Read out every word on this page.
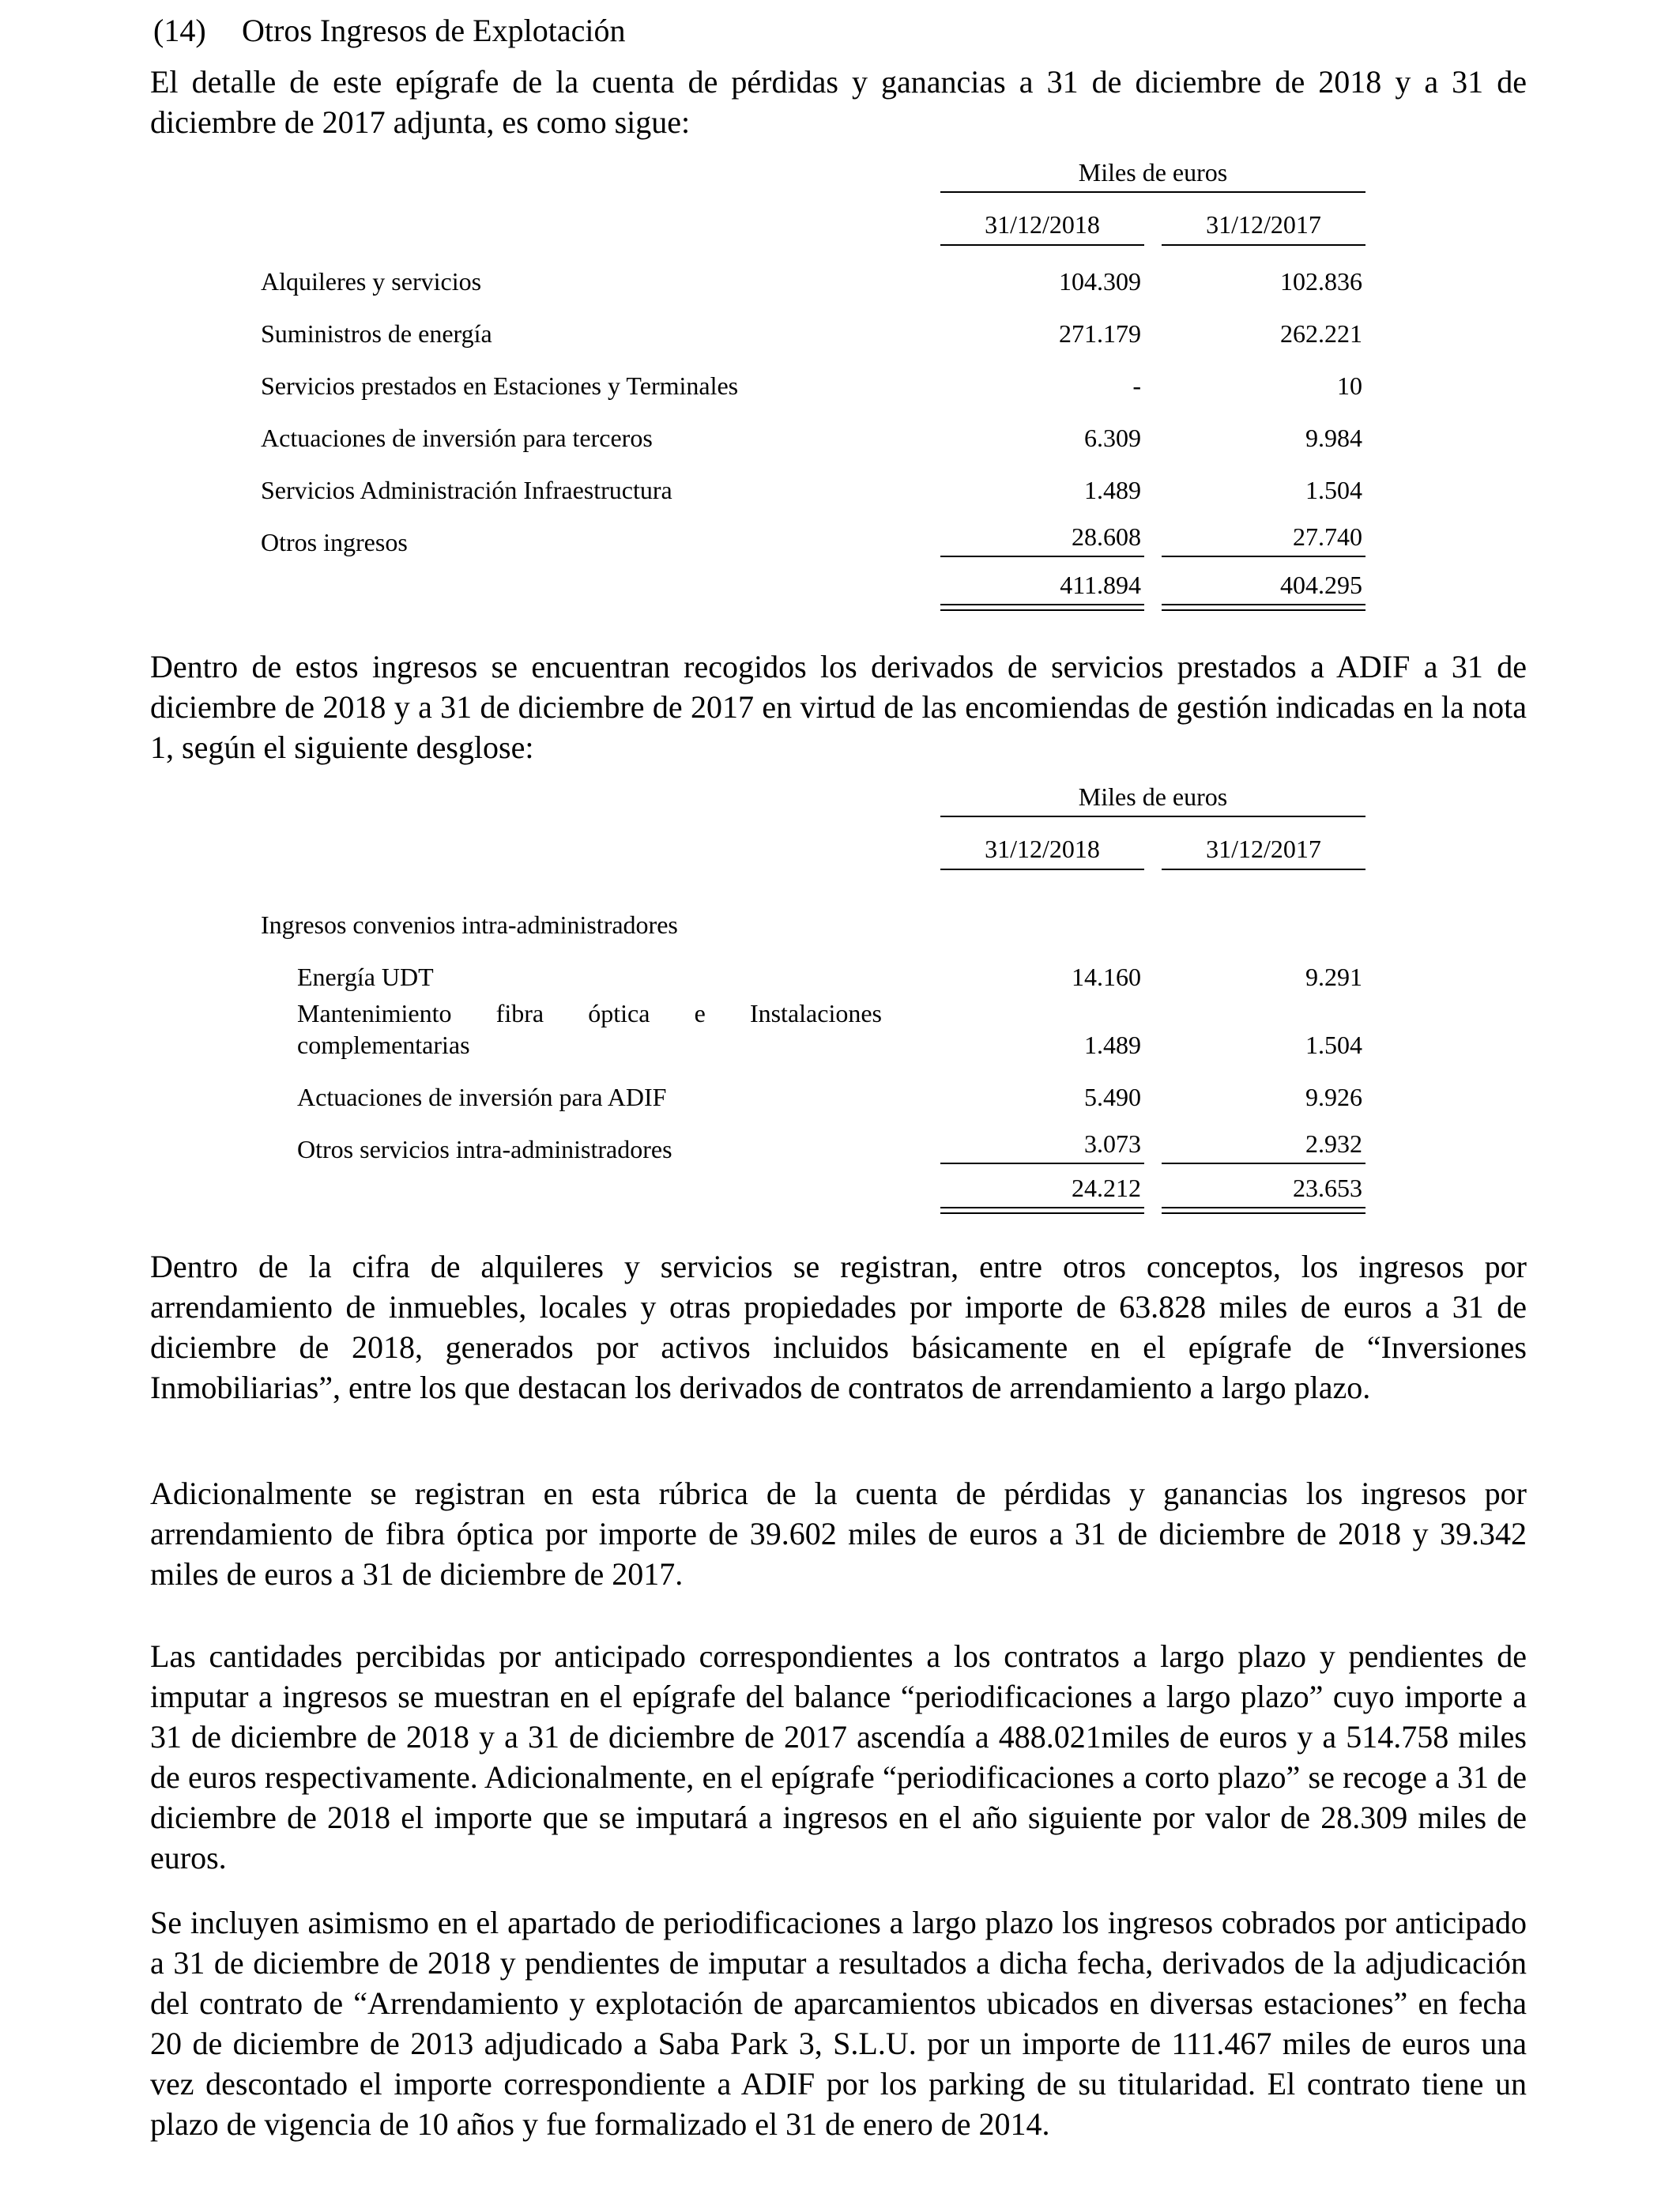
(14) Otros Ingresos de Explotación

El detalle de este epígrafe de la cuenta de pérdidas y ganancias a 31 de diciembre de 2018 y a 31 de diciembre de 2017 adjunta, es como sigue:

Miles de euros
31/12/2018	31/12/2017
Alquileres y servicios	104.309	102.836
Suministros de energía	271.179	262.221
Servicios prestados en Estaciones y Terminales	-	10
Actuaciones de inversión para terceros	6.309	9.984
Servicios Administración Infraestructura	1.489	1.504
Otros ingresos	28.608	27.740
411.894	404.295

Dentro de estos ingresos se encuentran recogidos los derivados de servicios prestados a ADIF a 31 de diciembre de 2018 y a 31 de diciembre de 2017 en virtud de las encomiendas de gestión indicadas en la nota 1, según el siguiente desglose:

Miles de euros
31/12/2018	31/12/2017
Ingresos convenios intra-administradores
Energía UDT	14.160	9.291
Mantenimiento fibra óptica e Instalaciones
complementarias	1.489	1.504
Actuaciones de inversión para ADIF	5.490	9.926
Otros servicios intra-administradores	3.073	2.932
24.212	23.653

Dentro de la cifra de alquileres y servicios se registran, entre otros conceptos, los ingresos por arrendamiento de inmuebles, locales y otras propiedades por importe de 63.828 miles de euros a 31 de diciembre de 2018, generados por activos incluidos básicamente en el epígrafe de “Inversiones Inmobiliarias”, entre los que destacan los derivados de contratos de arrendamiento a largo plazo.

Adicionalmente se registran en esta rúbrica de la cuenta de pérdidas y ganancias los ingresos por arrendamiento de fibra óptica por importe de 39.602 miles de euros a 31 de diciembre de 2018 y 39.342 miles de euros a 31 de diciembre de 2017.

Las cantidades percibidas por anticipado correspondientes a los contratos a largo plazo y pendientes de imputar a ingresos se muestran en el epígrafe del balance “periodificaciones a largo plazo” cuyo importe a 31 de diciembre de 2018 y a 31 de diciembre de 2017 ascendía a 488.021miles de euros y a 514.758 miles de euros respectivamente. Adicionalmente, en el epígrafe “periodificaciones a corto plazo” se recoge a 31 de diciembre de 2018 el importe que se imputará a ingresos en el año siguiente por valor de 28.309 miles de euros.

Se incluyen asimismo en el apartado de periodificaciones a largo plazo los ingresos cobrados por anticipado a 31 de diciembre de 2018 y pendientes de imputar a resultados a dicha fecha, derivados de la adjudicación del contrato de “Arrendamiento y explotación de aparcamientos ubicados en diversas estaciones” en fecha 20 de diciembre de 2013 adjudicado a Saba Park 3, S.L.U. por un importe de 111.467 miles de euros una vez descontado el importe correspondiente a ADIF por los parking de su titularidad. El contrato tiene un plazo de vigencia de 10 años y fue formalizado el 31 de enero de 2014.
